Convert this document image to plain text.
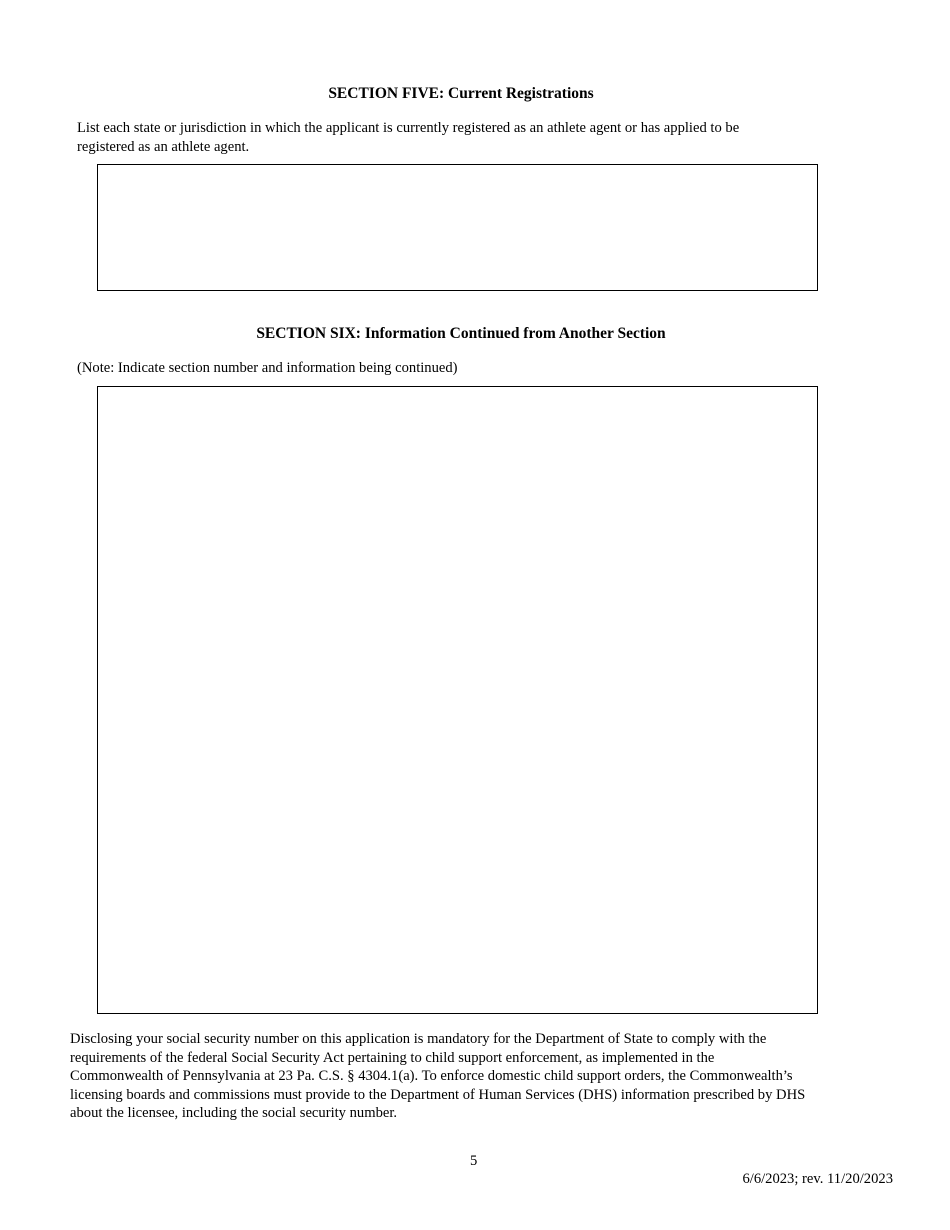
SECTION FIVE: Current Registrations
List each state or jurisdiction in which the applicant is currently registered as an athlete agent or has applied to be
registered as an athlete agent.
SECTION SIX: Information Continued from Another Section
(Note: Indicate section number and information being continued)
Disclosing your social security number on this application is mandatory for the Department of State to comply with the
requirements of the federal Social Security Act pertaining to child support enforcement, as implemented in the
Commonwealth of Pennsylvania at 23 Pa. C.S. § 4304.1(a). To enforce domestic child support orders, the Commonwealth’s
licensing boards and commissions must provide to the Department of Human Services (DHS) information prescribed by DHS
about the licensee, including the social security number.
5
6/6/2023; rev. 11/20/2023
